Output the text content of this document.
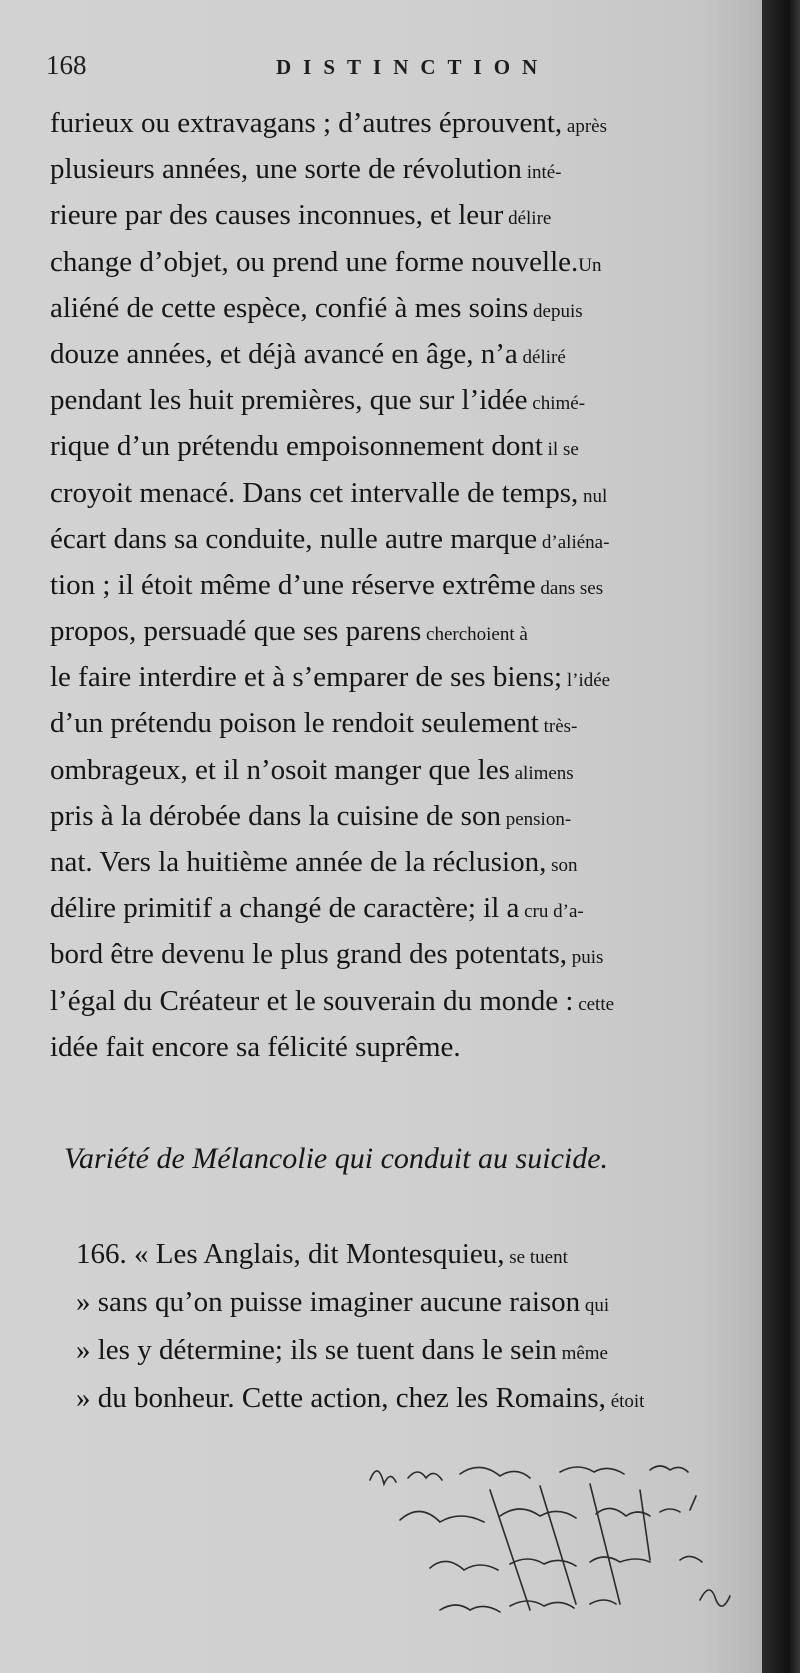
168	DISTINCTION
furieux ou extravagans ; d’autres éprouvent, après
plusieurs années, une sorte de révolution inté-
rieure par des causes inconnues, et leur délire
change d’objet, ou prend une forme nouvelle.Un
aliéné de cette espèce, confié à mes soins depuis
douze années, et déjà avancé en âge, n’a déliré
pendant les huit premières, que sur l’idée chimé-
rique d’un prétendu empoisonnement dont il se
croyoit menacé. Dans cet intervalle de temps, nul
écart dans sa conduite, nulle autre marque d’aliéna-
tion ; il étoit même d’une réserve extrême dans ses
propos, persuadé que ses parens cherchoient à
le faire interdire et à s’emparer de ses biens; l’idée
d’un prétendu poison le rendoit seulement très-
ombrageux, et il n’osoit manger que les alimens
pris à la dérobée dans la cuisine de son pension-
nat. Vers la huitième année de la réclusion, son
délire primitif a changé de caractère; il a cru d’a-
bord être devenu le plus grand des potentats, puis
l’égal du Créateur et le souverain du monde : cette
idée fait encore sa félicité suprême.
Variété de Mélancolie qui conduit au suicide.
166. « Les Anglais, dit Montesquieu, se tuent
» sans qu’on puisse imaginer aucune raison qui
» les y détermine; ils se tuent dans le sein même
» du bonheur. Cette action, chez les Romains, étoit
